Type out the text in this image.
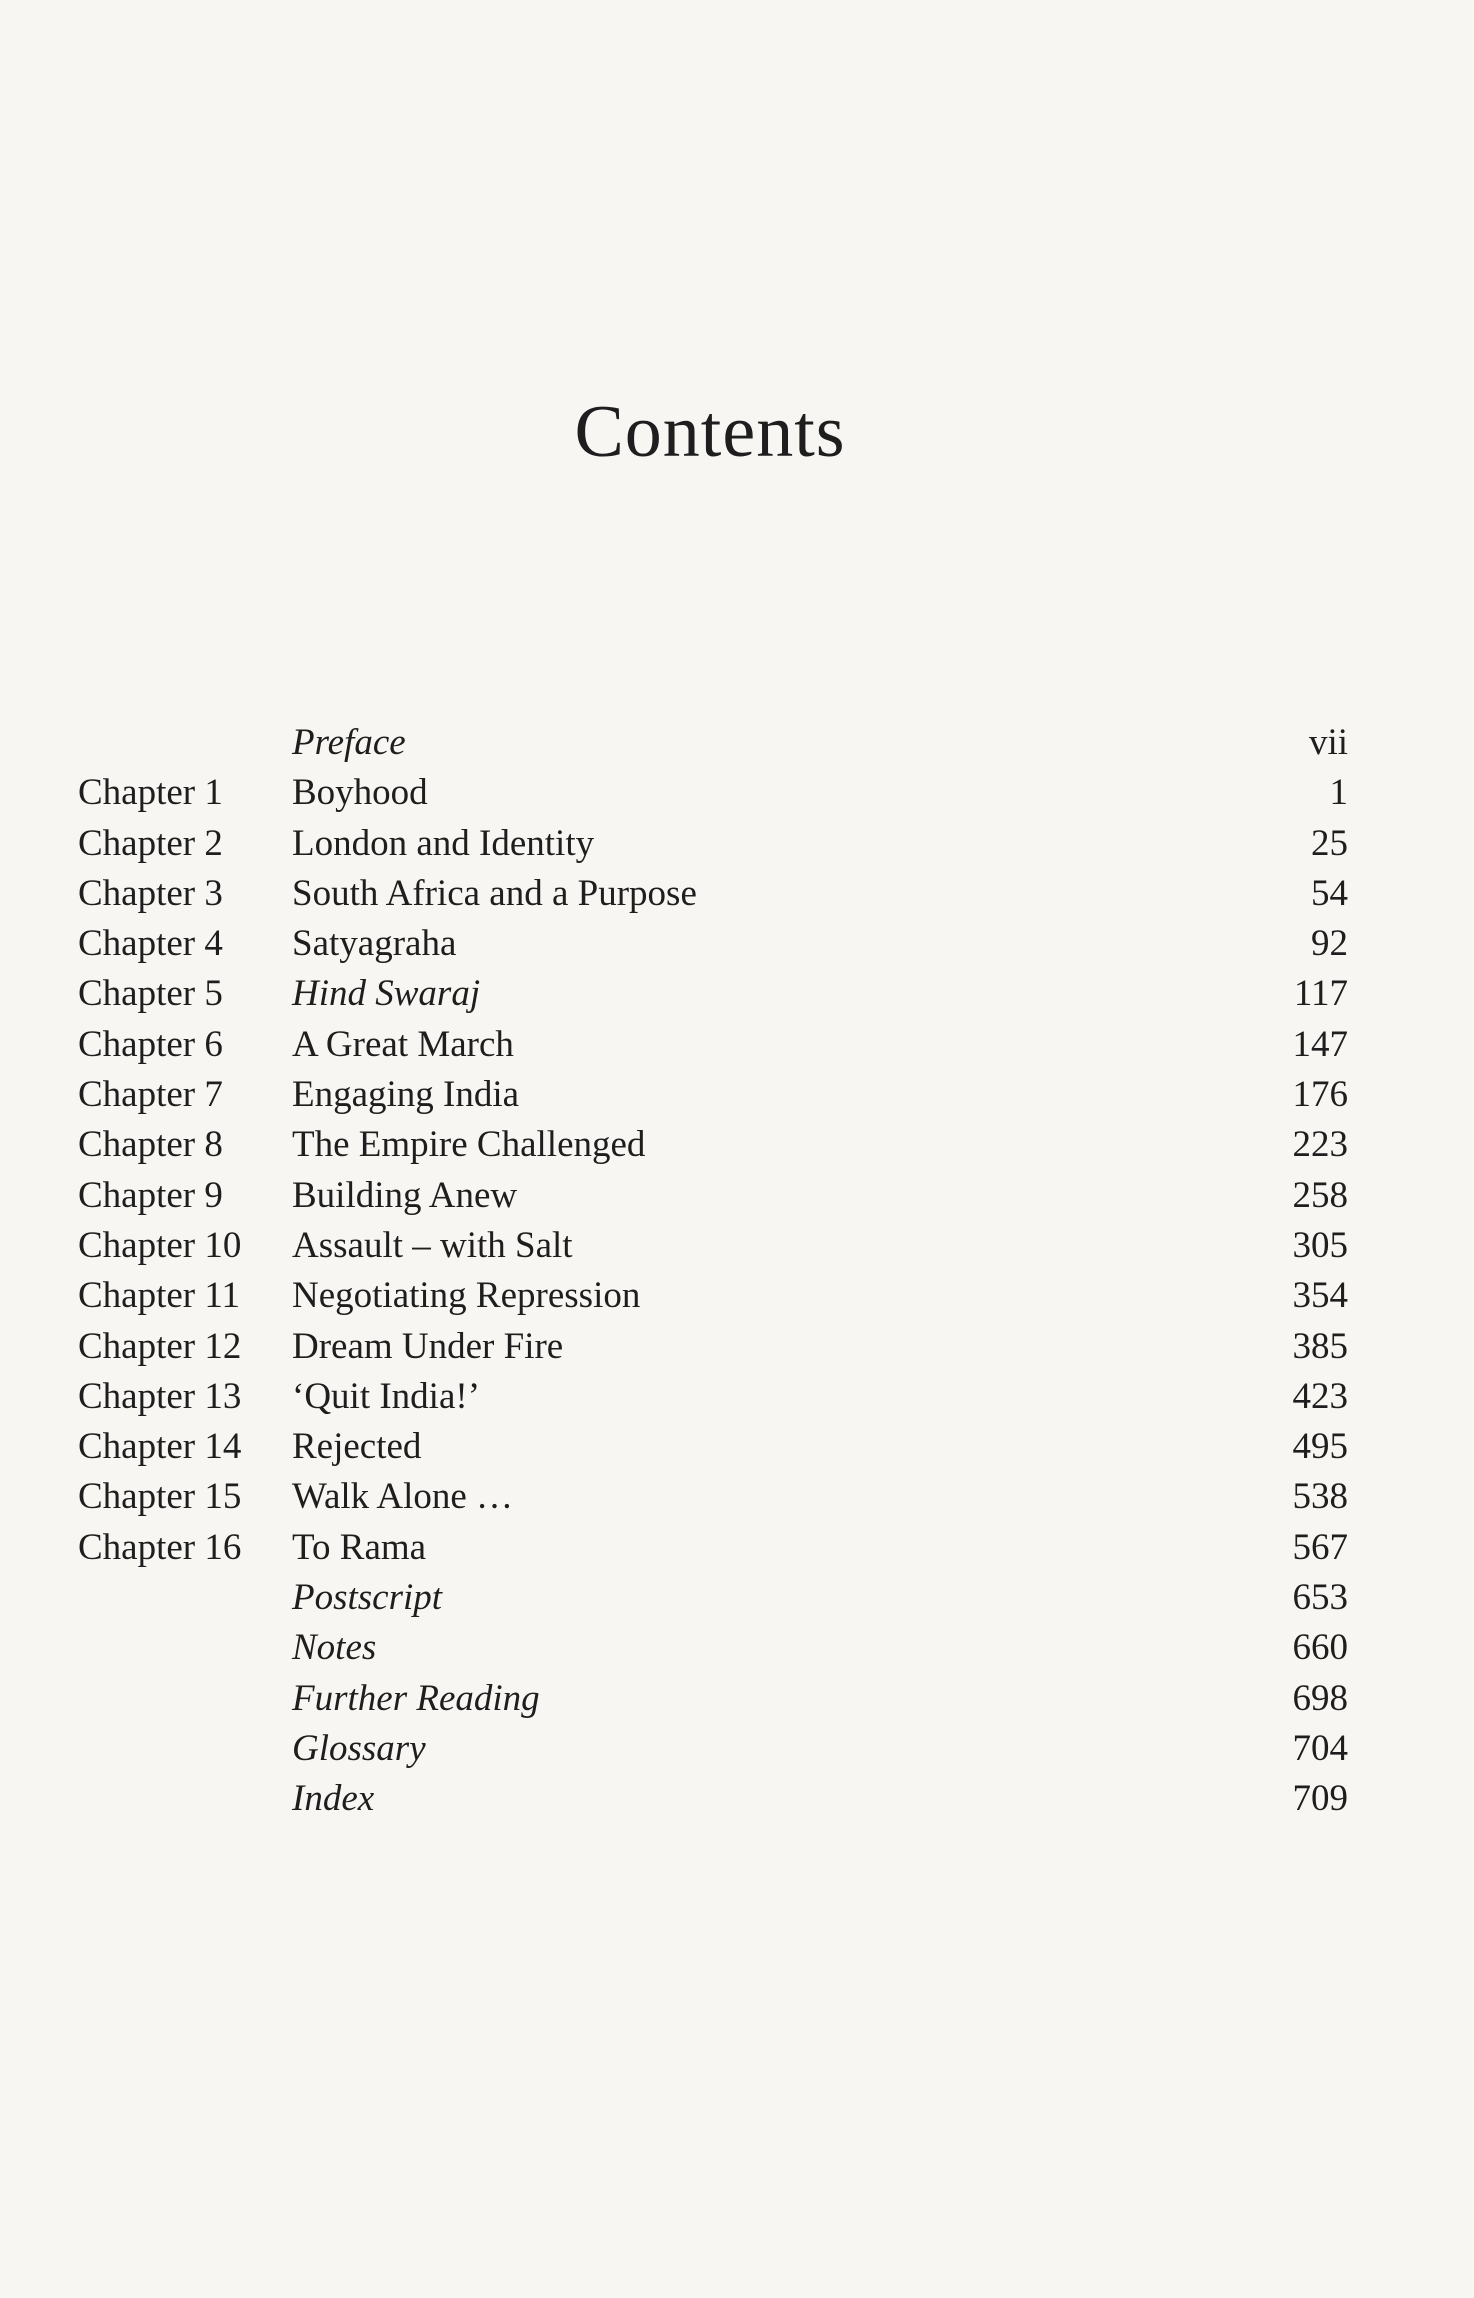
Contents
Preface	vii
Chapter 1 Boyhood	1
Chapter 2 London and Identity	25
Chapter 3 South Africa and a Purpose	54
Chapter 4 Satyagraha	92
Chapter 5 Hind Swaraj	117
Chapter 6 A Great March	147
Chapter 7 Engaging India	176
Chapter 8 The Empire Challenged	223
Chapter 9 Building Anew	258
Chapter 10 Assault – with Salt	305
Chapter 11 Negotiating Repression	354
Chapter 12 Dream Under Fire	385
Chapter 13 ‘Quit India!’	423
Chapter 14 Rejected	495
Chapter 15 Walk Alone …	538
Chapter 16 To Rama	567
Postscript	653
Notes	660
Further Reading	698
Glossary	704
Index	709
